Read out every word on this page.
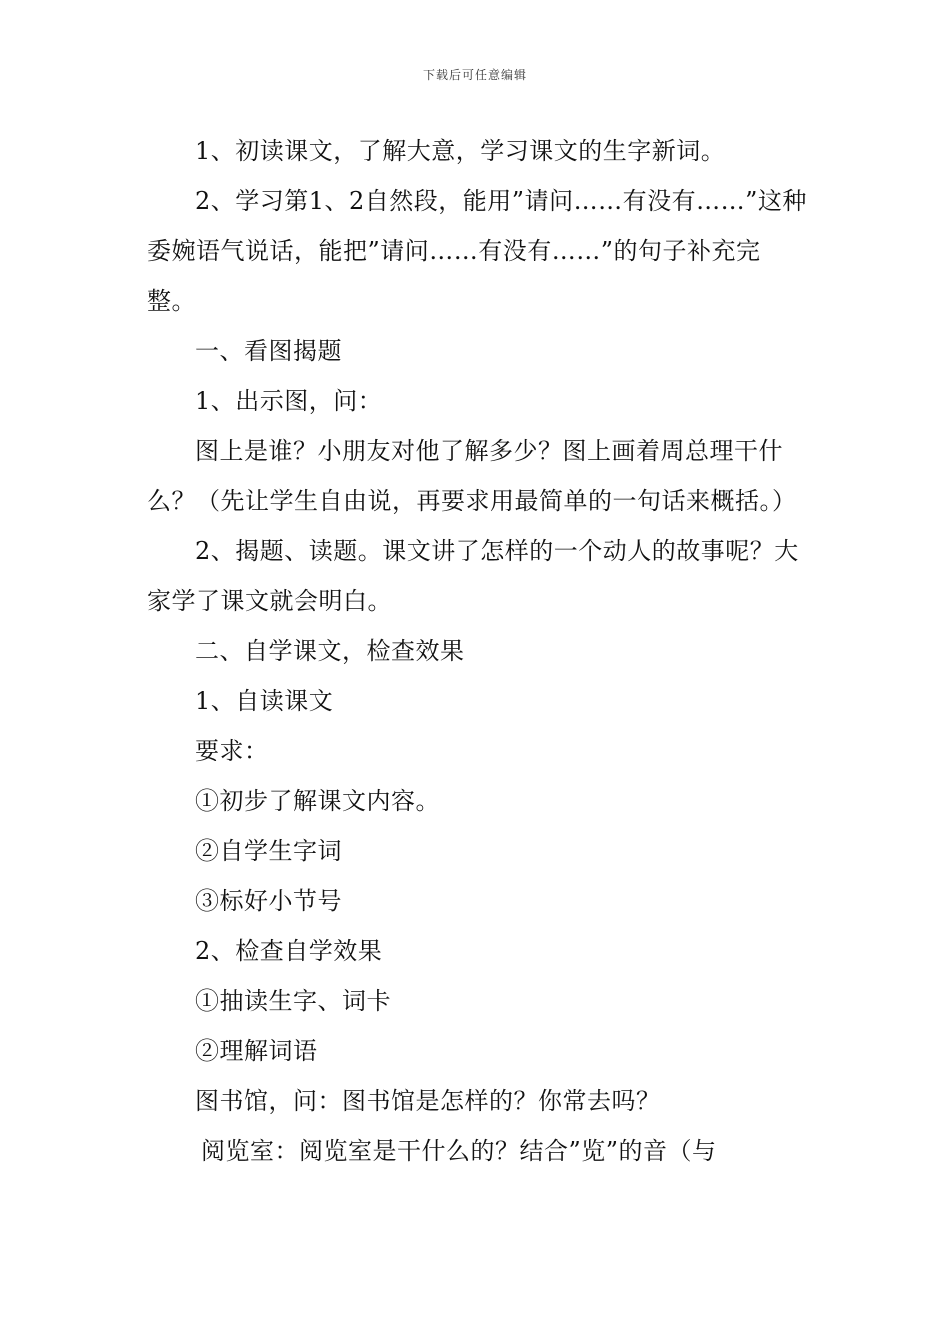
下载后可任意编辑

1、初读课文，了解大意，学习课文的生字新词。

2、学习第1、2自然段，能用”请问……有没有……”这种委婉语气说话，能把”请问……有没有……”的句子补充完整。

一、看图揭题

1、出示图，问：

图上是谁？小朋友对他了解多少？图上画着周总理干什么？（先让学生自由说，再要求用最简单的一句话来概括。）

2、揭题、读题。课文讲了怎样的一个动人的故事呢？大家学了课文就会明白。

二、自学课文，检查效果

1、自读课文

要求：

①初步了解课文内容。

②自学生字词

③标好小节号

2、检查自学效果

①抽读生字、词卡

②理解词语

图书馆，问：图书馆是怎样的？你常去吗？

阅览室：阅览室是干什么的？结合”览”的音（与
